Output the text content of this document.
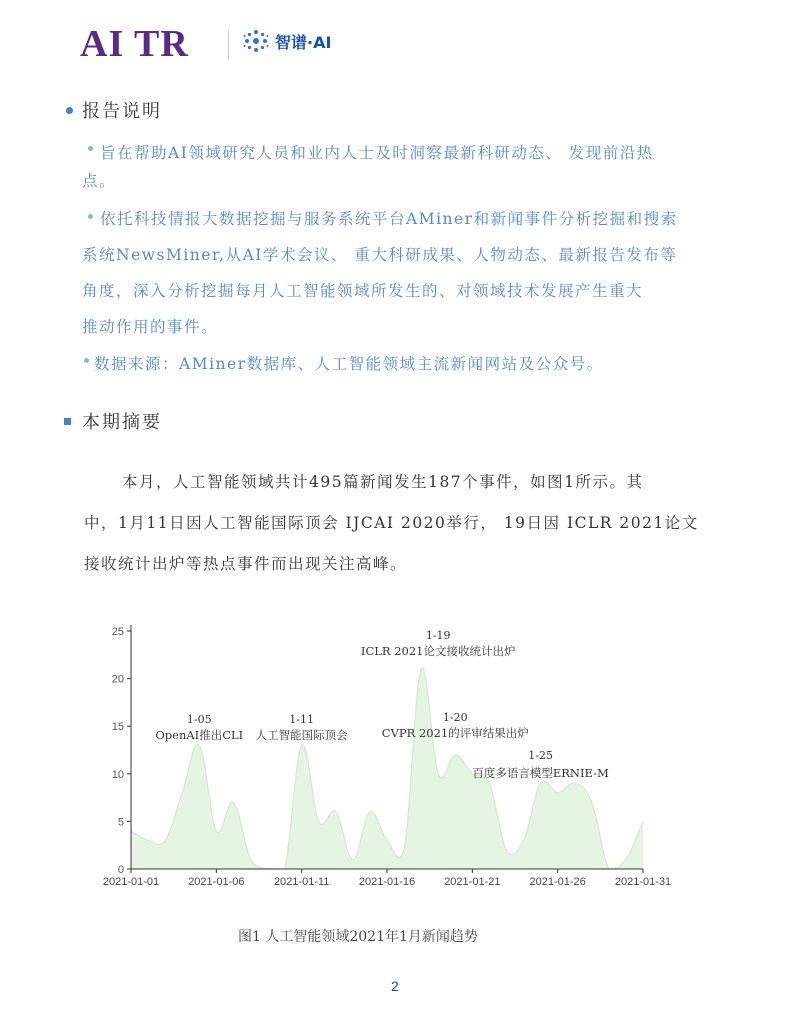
AI TR	智谱·AI
报告说明
旨在帮助AI领域研究人员和业内人士及时洞察最新科研动态、 发现前沿热
点。
依托科技情报大数据挖掘与服务系统平台AMiner和新闻事件分析挖掘和搜索
系统NewsMiner,从AI学术会议、 重大科研成果、人物动态、最新报告发布等
角度，深入分析挖掘每月人工智能领域所发生的、对领域技术发展产生重大
推动作用的事件。
数据来源：AMiner数据库、人工智能领域主流新闻网站及公众号。
本期摘要
本月，人工智能领域共计495篇新闻发生187个事件，如图1所示。其
中，1月11日因人工智能国际顶会 IJCAI 2020举行， 19日因 ICLR 2021论文
接收统计出炉等热点事件而出现关注高峰。
0
5
10
15
20
25
2021-01-01	2021-01-06	2021-01-11	2021-01-16	2021-01-21	2021-01-26	2021-01-31
1-05
OpenAI推出CLI
1-11
人工智能国际顶会
1-19
ICLR 2021论文接收统计出炉
1-20
CVPR 2021的评审结果出炉
1-25
百度多语言模型ERNIE-M
图1 人工智能领域2021年1月新闻趋势
2
